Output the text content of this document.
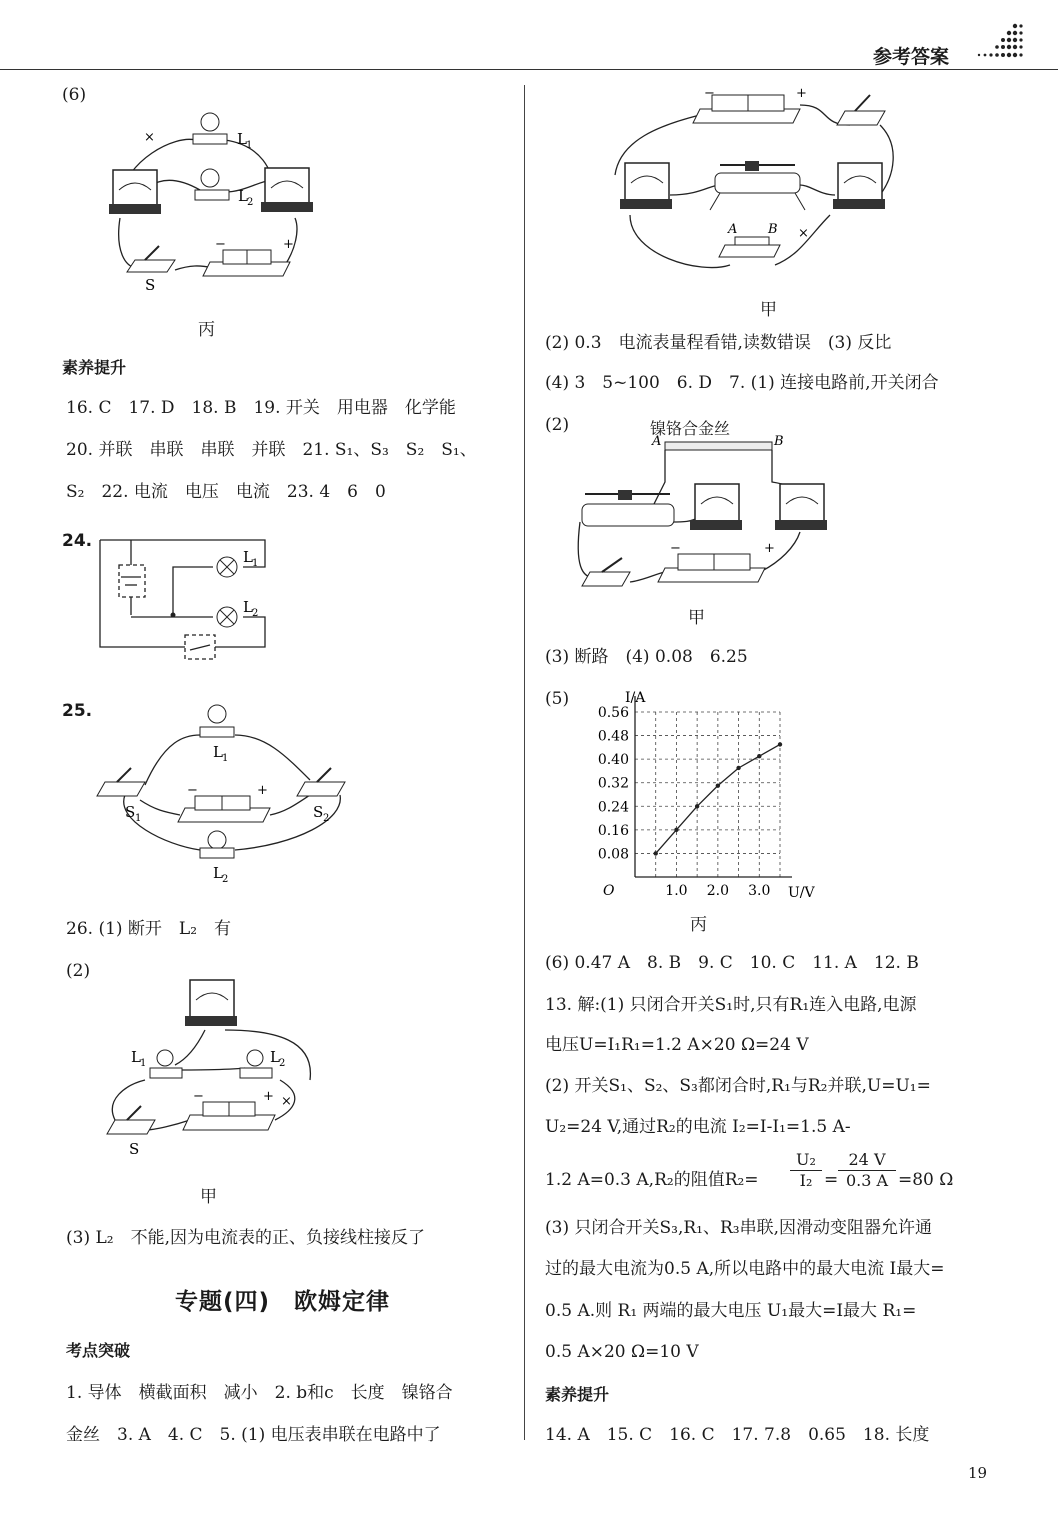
参考答案
(6)
×	L 1
L 2
S
−	+
丙
素养提升
16. C　17. D　18. B　19. 开关　用电器　化学能
20. 并联　串联　串联　并联　21. S₁、S₃　S₂　S₁、
S₂　22. 电流　电压　电流　23. 4　6　0
24.
L 1
L 2
25.
L 1
S 1	S 2
−	+
L 2
26. (1) 断开　L₂　有
(2)
×
L 1	L 2
S
−	+
甲
(3) L₂　不能,因为电流表的正、负接线柱接反了
专题(四)　欧姆定律
考点突破
1. 导体　横截面积　减小　2. b和c　长度　镍铬合
金丝　3. A　4. C　5. (1) 电压表串联在电路中了
×
−	+
A B
甲
(2) 0.3　电流表量程看错,读数错误　(3) 反比
(4) 3　5~100　6. D　7. (1) 连接电路前,开关闭合
(2)
A	B
−	+
镍铬合金丝
甲
(3) 断路　(4) 0.08　6.25
(5)
0.08
0.16
0.24
0.32
0.40
0.48
0.56
1.0 2.0 3.0
I/A
U/V
O
丙
(6) 0.47 A　8. B　9. C　10. C　11. A　12. B
13. 解:(1) 只闭合开关S₁时,只有R₁连入电路,电源
电压U=I₁R₁=1.2 A×20 Ω=24 V
(2) 开关S₁、S₂、S₃都闭合时,R₁与R₂并联,U=U₁=
U₂=24 V,通过R₂的电流 I₂=I-I₁=1.5 A-
1.2 A=0.3 A,R₂的阻值$R_2= \frac{\text{U₂}}{\text{I₂}} = \frac{24 V}{0.3 A} =80$ Ω
(3) 只闭合开关S₃,R₁、R₃串联,因滑动变阻器允许通
过的最大电流为0.5 A,所以电路中的最大电流 I最大=
0.5 A.则 R₁ 两端的最大电压 U₁最大=I最大 R₁=
0.5 A×20 Ω=10 V
素养提升
14. A　15. C　16. C　17. 7.8　0.65　18. 长度
19
